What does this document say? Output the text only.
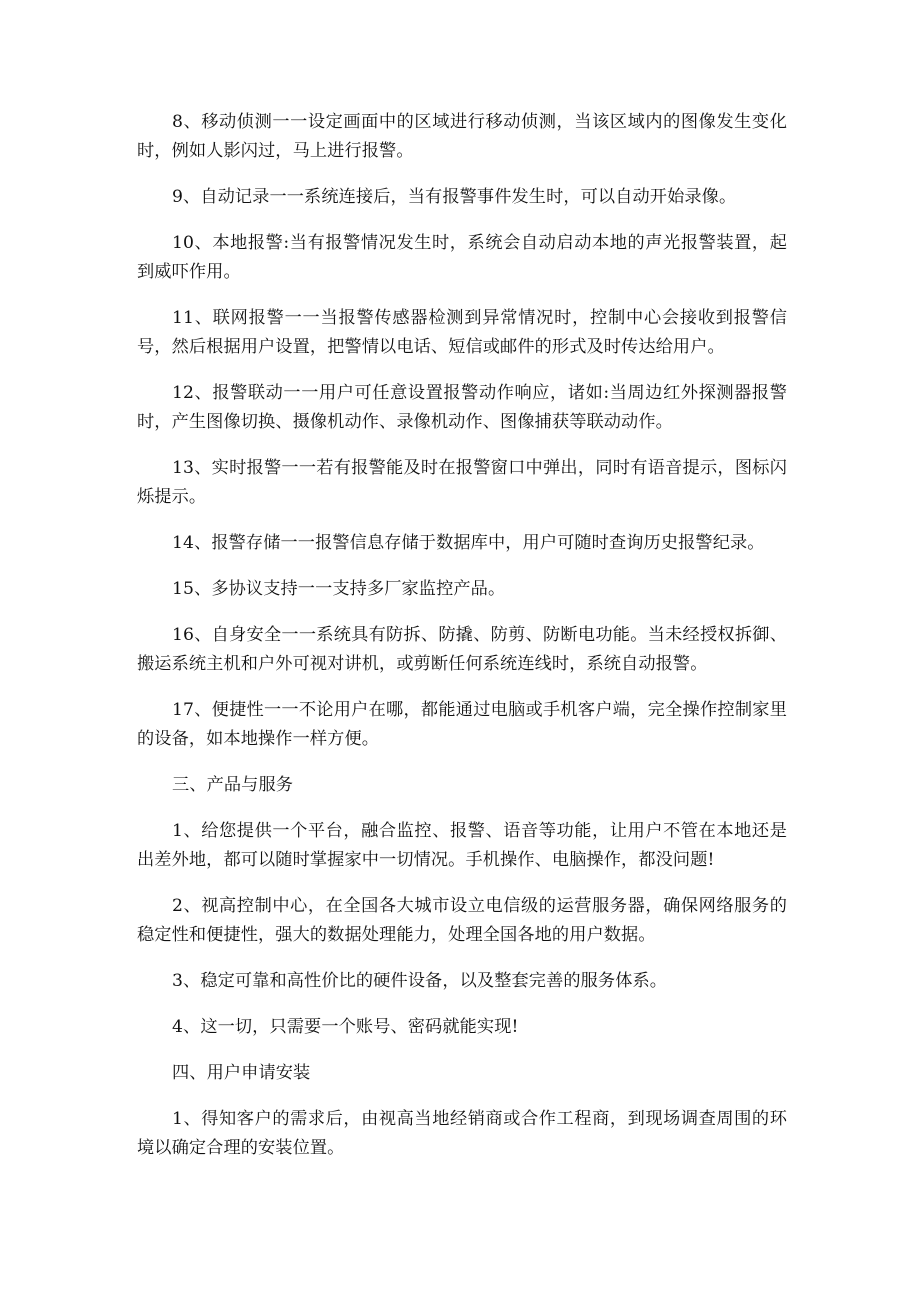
8、移动侦测一一设定画面中的区域进行移动侦测，当该区域内的图像发生变化时，例如人影闪过，马上进行报警。

9、自动记录一一系统连接后，当有报警事件发生时，可以自动开始录像。

10、本地报警:当有报警情况发生时，系统会自动启动本地的声光报警装置，起到威吓作用。

11、联网报警一一当报警传感器检测到异常情况时，控制中心会接收到报警信号，然后根据用户设置，把警情以电话、短信或邮件的形式及时传达给用户。

12、报警联动一一用户可任意设置报警动作响应，诸如:当周边红外探测器报警时，产生图像切换、摄像机动作、录像机动作、图像捕获等联动动作。

13、实时报警一一若有报警能及时在报警窗口中弹出，同时有语音提示，图标闪烁提示。

14、报警存储一一报警信息存储于数据库中，用户可随时查询历史报警纪录。

15、多协议支持一一支持多厂家监控产品。

16、自身安全一一系统具有防拆、防撬、防剪、防断电功能。当未经授权拆御、搬运系统主机和户外可视对讲机，或剪断任何系统连线时，系统自动报警。

17、便捷性一一不论用户在哪，都能通过电脑或手机客户端，完全操作控制家里的设备，如本地操作一样方便。

三、产品与服务

1、给您提供一个平台，融合监控、报警、语音等功能，让用户不管在本地还是出差外地，都可以随时掌握家中一切情况。手机操作、电脑操作，都没问题!

2、视高控制中心，在全国各大城市设立电信级的运营服务器，确保网络服务的稳定性和便捷性，强大的数据处理能力，处理全国各地的用户数据。

3、稳定可靠和高性价比的硬件设备，以及整套完善的服务体系。

4、这一切，只需要一个账号、密码就能实现!

四、用户申请安装

1、得知客户的需求后，由视高当地经销商或合作工程商，到现场调查周围的环境以确定合理的安装位置。
